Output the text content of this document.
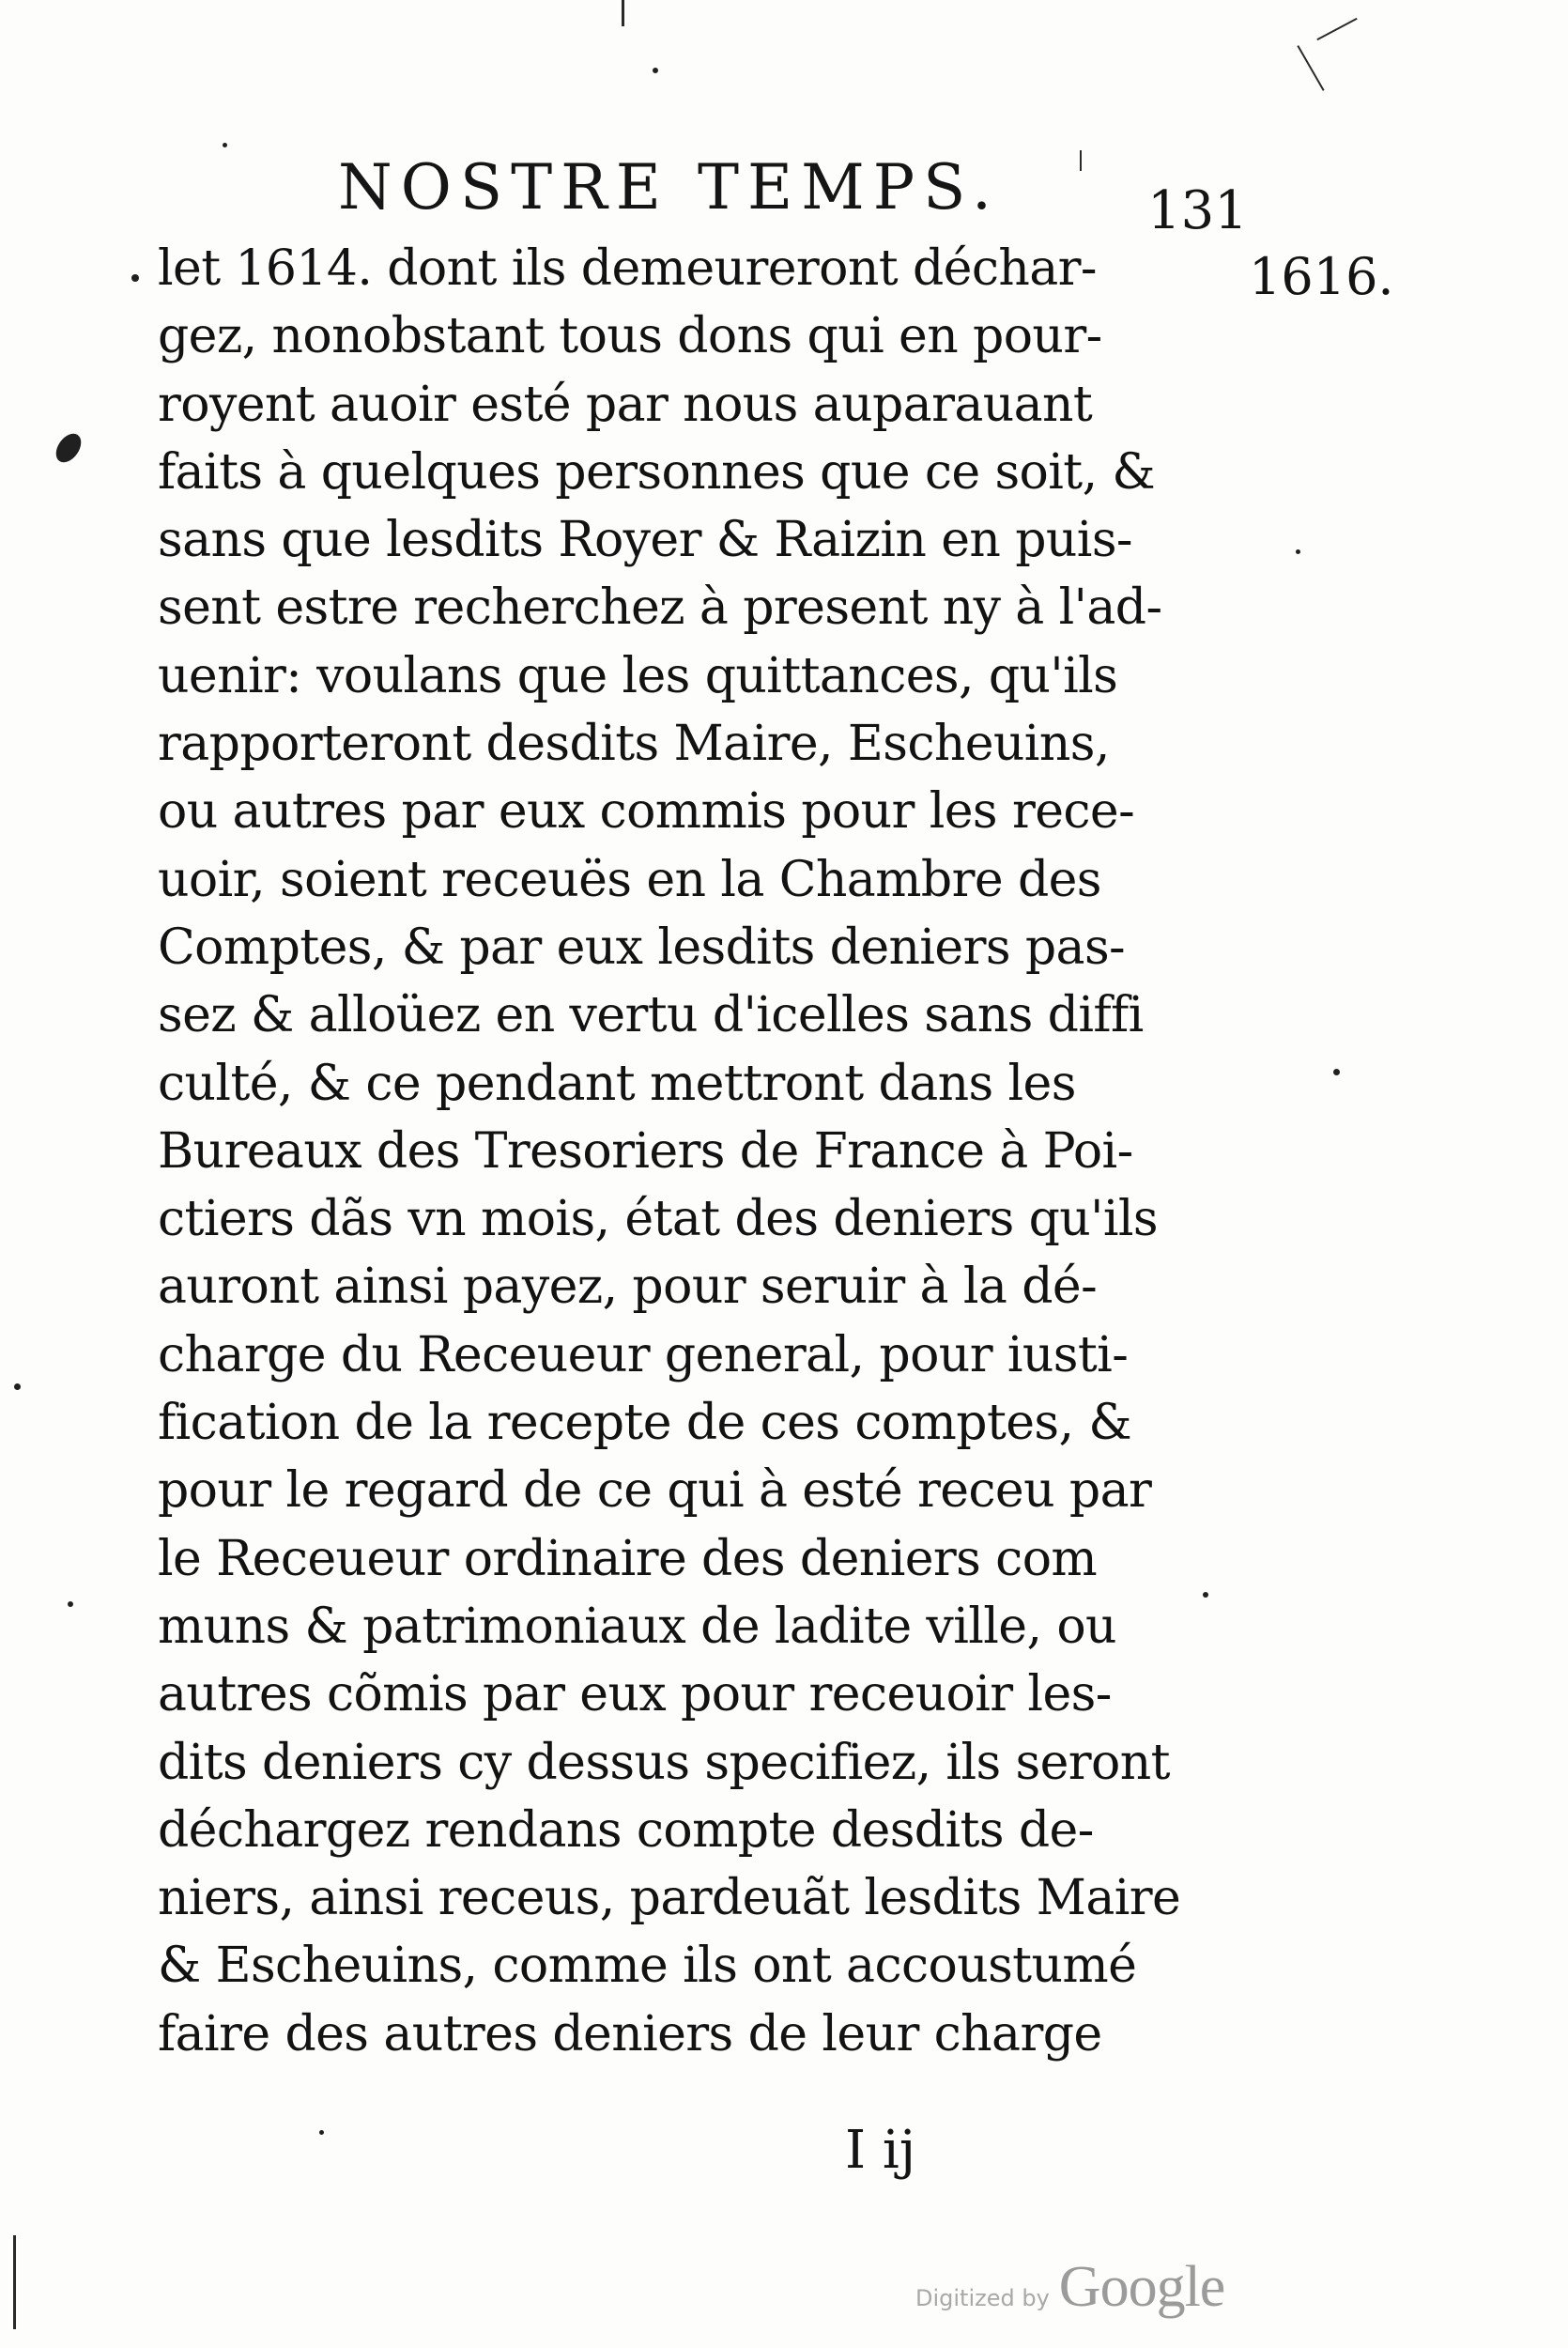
NOSTRE TEMPS.	131
1616.
let 1614. dont ils demeureront déchar-
gez, nonobstant tous dons qui en pour-
royent auoir esté par nous auparauant
faits à quelques personnes que ce soit, &
sans que lesdits Royer & Raizin en puis-
sent estre recherchez à present ny à l'ad-
uenir: voulans que les quittances, qu'ils
rapporteront desdits Maire, Escheuins,
ou autres par eux commis pour les rece-
uoir, soient receuës en la Chambre des
Comptes, & par eux lesdits deniers pas-
sez & alloüez en vertu d'icelles sans diffi
culté, & ce pendant mettront dans les
Bureaux des Tresoriers de France à Poi-
ctiers dãs vn mois, état des deniers qu'ils
auront ainsi payez, pour seruir à la dé-
charge du Receueur general, pour iusti-
fication de la recepte de ces comptes, &
pour le regard de ce qui à esté receu par
le Receueur ordinaire des deniers com
muns & patrimoniaux de ladite ville, ou
autres cõmis par eux pour receuoir les-
dits deniers cy dessus specifiez, ils seront
déchargez rendans compte desdits de-
niers, ainsi receus, pardeuãt lesdits Maire
& Escheuins, comme ils ont accoustumé
faire des autres deniers de leur charge
I ij
Digitized by Google
